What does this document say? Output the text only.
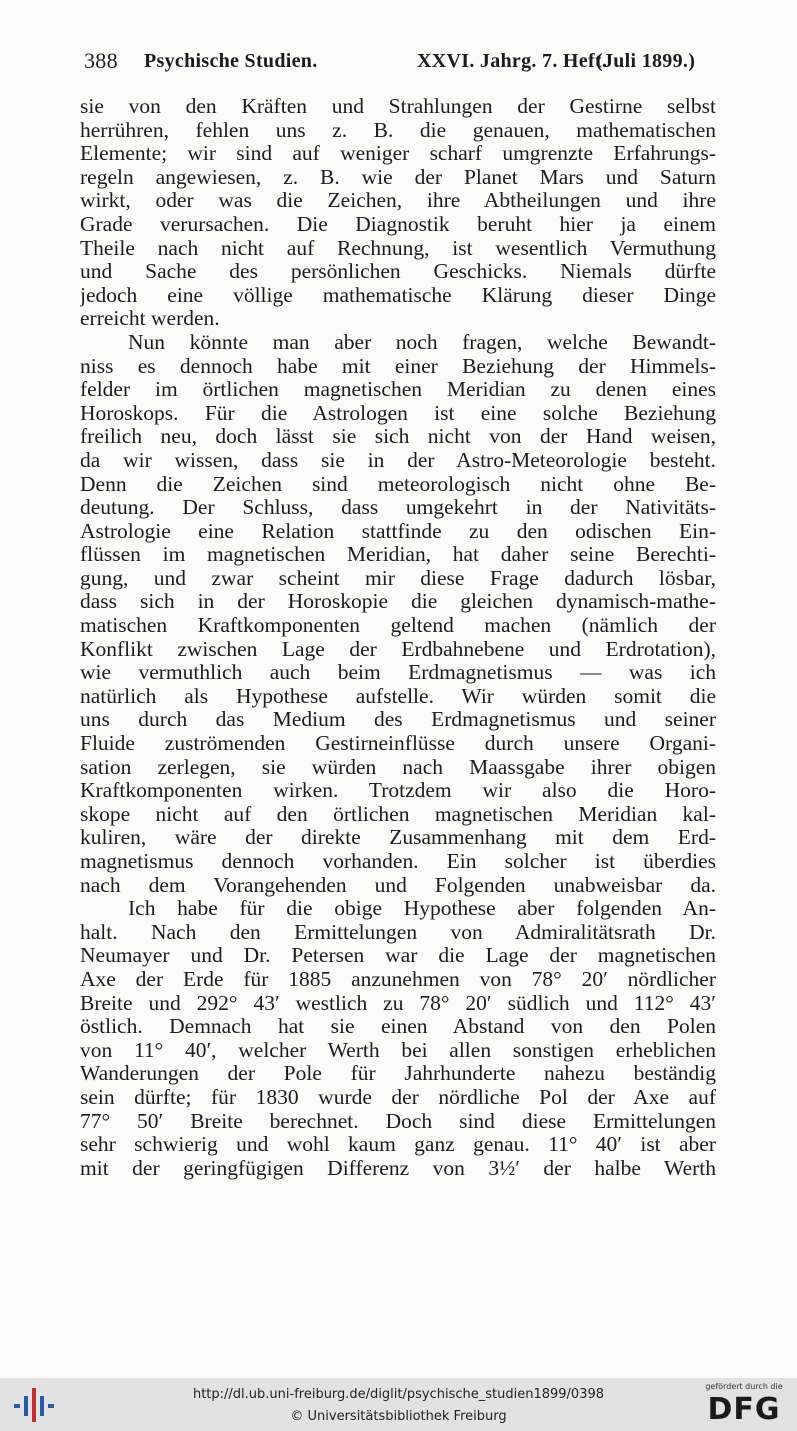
388 Psychische Studien.	XXVI. Jahrg. 7. Heft.
(Juli 1899.)
sie von den Kräften und Strahlungen der Gestirne selbst
herrühren, fehlen uns z. B. die genauen, mathematischen
Elemente; wir sind auf weniger scharf umgrenzte Erfahrungs-
regeln angewiesen, z. B. wie der Planet Mars und Saturn
wirkt, oder was die Zeichen, ihre Abtheilungen und ihre
Grade verursachen. Die Diagnostik beruht hier ja einem
Theile nach nicht auf Rechnung, ist wesentlich Vermuthung
und Sache des persönlichen Geschicks. Niemals dürfte
jedoch eine völlige mathematische Klärung dieser Dinge
erreicht werden.
Nun könnte man aber noch fragen, welche Bewandt-
niss es dennoch habe mit einer Beziehung der Himmels-
felder im örtlichen magnetischen Meridian zu denen eines
Horoskops. Für die Astrologen ist eine solche Beziehung
freilich neu, doch lässt sie sich nicht von der Hand weisen,
da wir wissen, dass sie in der Astro-Meteorologie besteht.
Denn die Zeichen sind meteorologisch nicht ohne Be-
deutung. Der Schluss, dass umgekehrt in der Nativitäts-
Astrologie eine Relation stattfinde zu den odischen Ein-
flüssen im magnetischen Meridian, hat daher seine Berechti-
gung, und zwar scheint mir diese Frage dadurch lösbar,
dass sich in der Horoskopie die gleichen dynamisch-mathe-
matischen Kraftkomponenten geltend machen (nämlich der
Konflikt zwischen Lage der Erdbahnebene und Erdrotation),
wie vermuthlich auch beim Erdmagnetismus — was ich
natürlich als Hypothese aufstelle. Wir würden somit die
uns durch das Medium des Erdmagnetismus und seiner
Fluide zuströmenden Gestirneinflüsse durch unsere Organi-
sation zerlegen, sie würden nach Maassgabe ihrer obigen
Kraftkomponenten wirken. Trotzdem wir also die Horo-
skope nicht auf den örtlichen magnetischen Meridian kal-
kuliren, wäre der direkte Zusammenhang mit dem Erd-
magnetismus dennoch vorhanden. Ein solcher ist überdies
nach dem Vorangehenden und Folgenden unabweisbar da.
Ich habe für die obige Hypothese aber folgenden An-
halt. Nach den Ermittelungen von Admiralitätsrath Dr.
Neumayer und Dr. Petersen war die Lage der magnetischen
Axe der Erde für 1885 anzunehmen von 78° 20′ nördlicher
Breite und 292° 43′ westlich zu 78° 20′ südlich und 112° 43′
östlich. Demnach hat sie einen Abstand von den Polen
von 11° 40′, welcher Werth bei allen sonstigen erheblichen
Wanderungen der Pole für Jahrhunderte nahezu beständig
sein dürfte; für 1830 wurde der nördliche Pol der Axe auf
77° 50′ Breite berechnet. Doch sind diese Ermittelungen
sehr schwierig und wohl kaum ganz genau. 11° 40′ ist aber
mit der geringfügigen Differenz von 3½′ der halbe Werth
http://dl.ub.uni-freiburg.de/diglit/psychische_studien1899/0398
© Universitätsbibliothek Freiburg
gefördert durch die
DFG
